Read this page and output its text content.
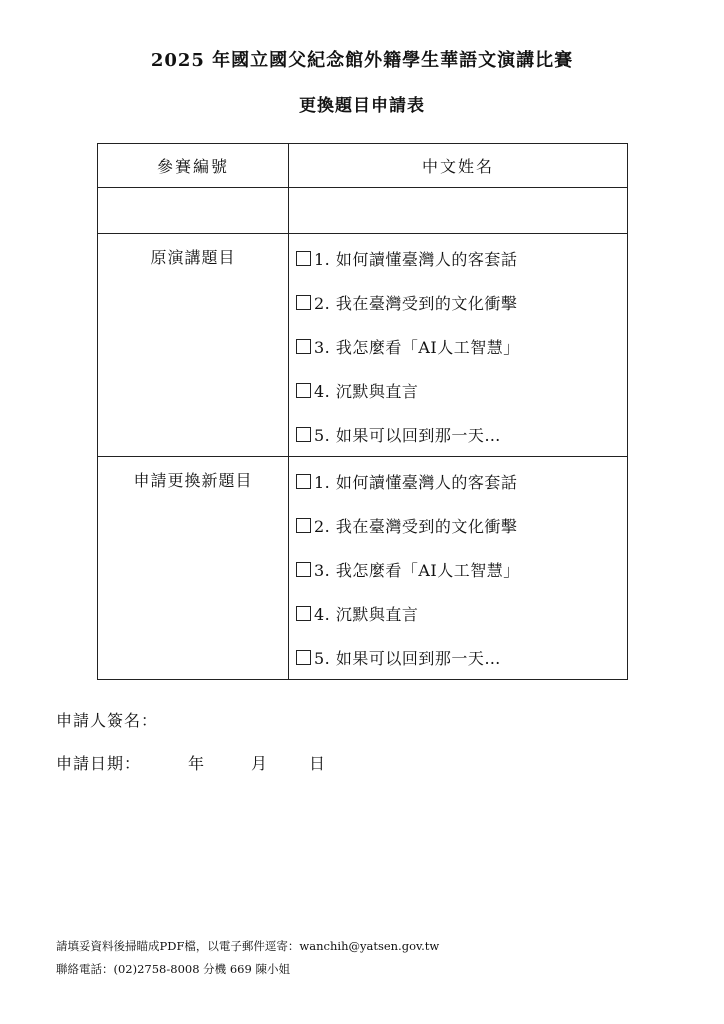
2025 年國立國父紀念館外籍學生華語文演講比賽
更換題目申請表
參賽編號	中文姓名

原演講題目	1. 如何讀懂臺灣人的客套話
2. 我在臺灣受到的文化衝擊
3. 我怎麼看「AI人工智慧」
4. 沉默與直言
5. 如果可以回到那一天…

申請更換新題目	1. 如何讀懂臺灣人的客套話
2. 我在臺灣受到的文化衝擊
3. 我怎麼看「AI人工智慧」
4. 沉默與直言
5. 如果可以回到那一天…
申請人簽名：
申請日期：	年	月	日
請填妥資料後掃瞄成PDF檔，以電子郵件逕寄：wanchih@yatsen.gov.tw
聯絡電話：(02)2758-8008 分機 669 陳小姐
